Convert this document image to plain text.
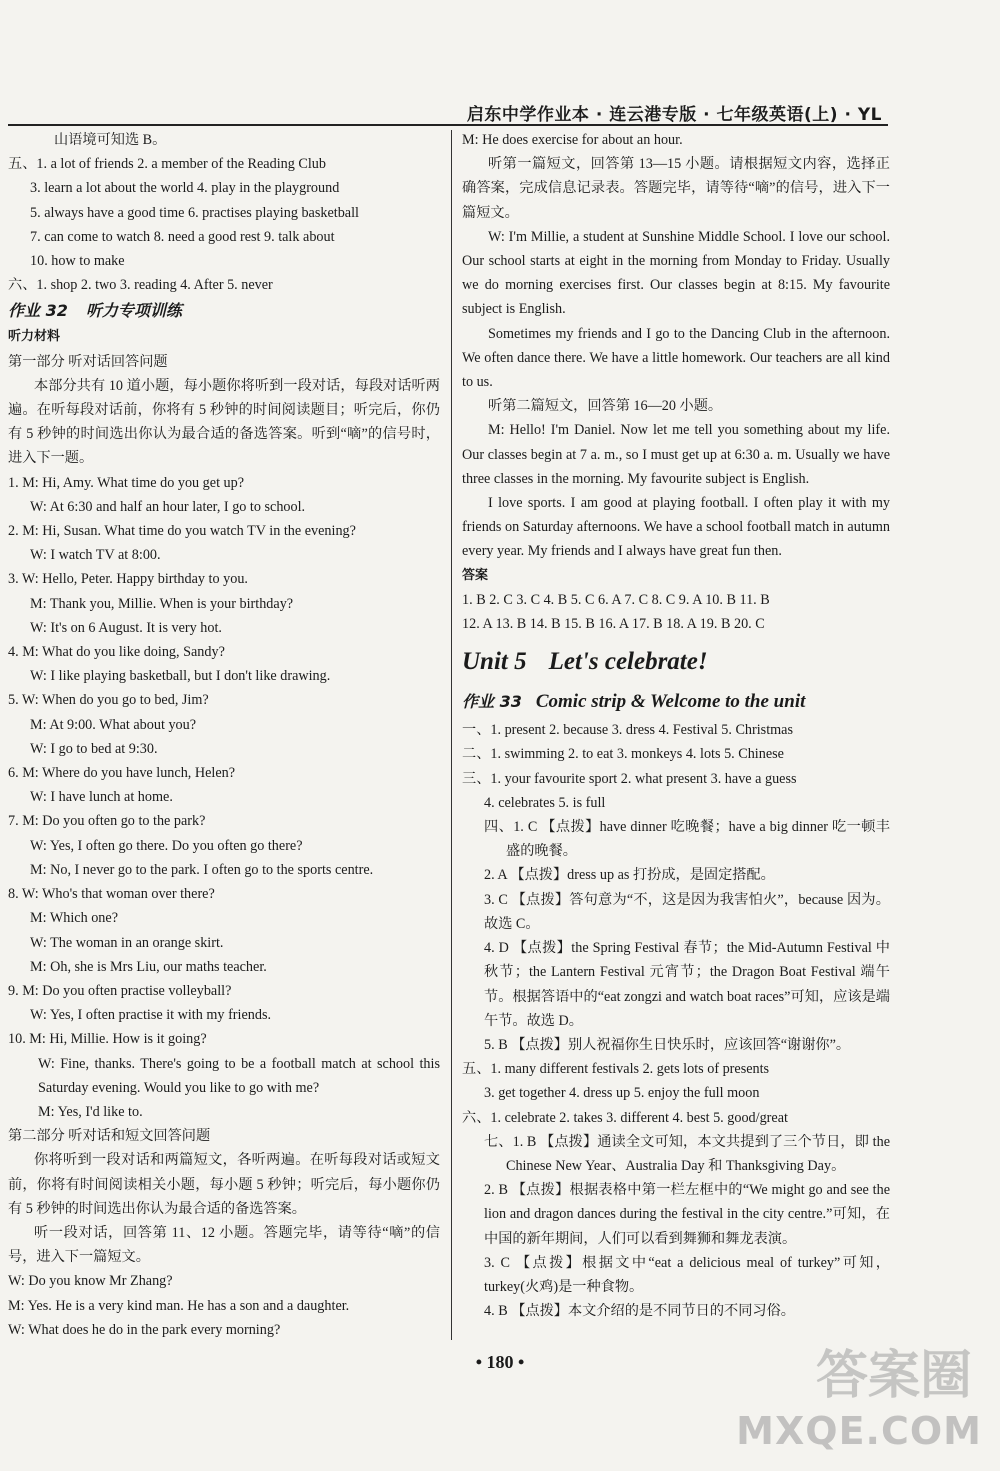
启东中学作业本 · 连云港专版 · 七年级英语(上) · YL
山语境可知选 B。
五、1. a lot of friends 2. a member of the Reading Club
3. learn a lot about the world 4. play in the playground
5. always have a good time 6. practises playing basketball
7. can come to watch 8. need a good rest 9. talk about
10. how to make
六、1. shop 2. two 3. reading 4. After 5. never
作业 32 听力专项训练
听力材料
第一部分 听对话回答问题
本部分共有 10 道小题，每小题你将听到一段对话，每段对话听两遍。在听每段对话前，你将有 5 秒钟的时间阅读题目；听完后，你仍有 5 秒钟的时间选出你认为最合适的备选答案。听到“嘀”的信号时，进入下一题。
1. M: Hi, Amy. What time do you get up?
W: At 6:30 and half an hour later, I go to school.
2. M: Hi, Susan. What time do you watch TV in the evening?
W: I watch TV at 8:00.
3. W: Hello, Peter. Happy birthday to you.
M: Thank you, Millie. When is your birthday?
W: It's on 6 August. It is very hot.
4. M: What do you like doing, Sandy?
W: I like playing basketball, but I don't like drawing.
5. W: When do you go to bed, Jim?
M: At 9:00. What about you?
W: I go to bed at 9:30.
6. M: Where do you have lunch, Helen?
W: I have lunch at home.
7. M: Do you often go to the park?
W: Yes, I often go there. Do you often go there?
M: No, I never go to the park. I often go to the sports centre.
8. W: Who's that woman over there?
M: Which one?
W: The woman in an orange skirt.
M: Oh, she is Mrs Liu, our maths teacher.
9. M: Do you often practise volleyball?
W: Yes, I often practise it with my friends.
10. M: Hi, Millie. How is it going?
W: Fine, thanks. There's going to be a football match at school this Saturday evening. Would you like to go with me?
M: Yes, I'd like to.
第二部分 听对话和短文回答问题
你将听到一段对话和两篇短文，各听两遍。在听每段对话或短文前，你将有时间阅读相关小题，每小题 5 秒钟；听完后，每小题你仍有 5 秒钟的时间选出你认为最合适的备选答案。
听一段对话，回答第 11、12 小题。答题完毕，请等待“嘀”的信号，进入下一篇短文。
W: Do you know Mr Zhang?
M: Yes. He is a very kind man. He has a son and a daughter.
W: What does he do in the park every morning?
M: He does exercise for about an hour.
听第一篇短文，回答第 13—15 小题。请根据短文内容，选择正确答案，完成信息记录表。答题完毕，请等待“嘀”的信号，进入下一篇短文。
W: I'm Millie, a student at Sunshine Middle School. I love our school. Our school starts at eight in the morning from Monday to Friday. Usually we do morning exercises first. Our classes begin at 8:15. My favourite subject is English.
Sometimes my friends and I go to the Dancing Club in the afternoon. We often dance there. We have a little homework. Our teachers are all kind to us.
听第二篇短文，回答第 16—20 小题。
M: Hello! I'm Daniel. Now let me tell you something about my life. Our classes begin at 7 a. m., so I must get up at 6:30 a. m. Usually we have three classes in the morning. My favourite subject is English.
I love sports. I am good at playing football. I often play it with my friends on Saturday afternoons. We have a school football match in autumn every year. My friends and I always have great fun then.
答案
1. B 2. C 3. C 4. B 5. C 6. A 7. C 8. C 9. A 10. B 11. B
12. A 13. B 14. B 15. B 16. A 17. B 18. A 19. B 20. C
Unit 5 Let's celebrate!
作业 33 Comic strip & Welcome to the unit
一、1. present 2. because 3. dress 4. Festival 5. Christmas
二、1. swimming 2. to eat 3. monkeys 4. lots 5. Chinese
三、1. your favourite sport 2. what present 3. have a guess
4. celebrates 5. is full
四、1. C 【点拨】have dinner 吃晚餐；have a big dinner 吃一顿丰盛的晚餐。
2. A 【点拨】dress up as 打扮成，是固定搭配。
3. C 【点拨】答句意为“不，这是因为我害怕火”，because 因为。故选 C。
4. D 【点拨】the Spring Festival 春节；the Mid-Autumn Festival 中秋节；the Lantern Festival 元宵节；the Dragon Boat Festival 端午节。根据答语中的“eat zongzi and watch boat races”可知，应该是端午节。故选 D。
5. B 【点拨】别人祝福你生日快乐时，应该回答“谢谢你”。
五、1. many different festivals 2. gets lots of presents
3. get together 4. dress up 5. enjoy the full moon
六、1. celebrate 2. takes 3. different 4. best 5. good/great
七、1. B 【点拨】通读全文可知，本文共提到了三个节日，即 the Chinese New Year、Australia Day 和 Thanksgiving Day。
2. B 【点拨】根据表格中第一栏左框中的“We might go and see the lion and dragon dances during the festival in the city centre.”可知，在中国的新年期间，人们可以看到舞狮和舞龙表演。
3. C 【点拨】根据文中“eat a delicious meal of turkey”可知，turkey(火鸡)是一种食物。
4. B 【点拨】本文介绍的是不同节日的不同习俗。
• 180 •	答案圈
MXQE.COM
